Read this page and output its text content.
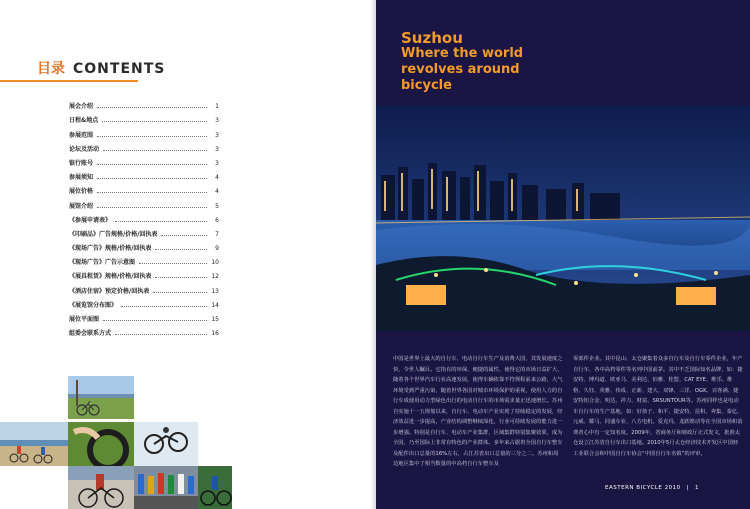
目录 CONTENTS
展会介绍	1
日程&地点	3
参展范围	3
论坛及活动	3
银行账号	3
参展须知	4
展位价格	4
展馆介绍	5
《参展申请表》	6
《印刷品》广告规格/价格/回执表	7
《现场广告》规格/价格/回执表	9
《现场广告》广告示意图	10
《展具租赁》规格/价格/回执表	12
《酒店住宿》预定价格/回执表	13
《展览馆分布图》	14
展位平面图	15
组委会联系方式	16
Suzhou
Where the world
revolves around
bicycle
中国是世界上最大的自行车、电动自行车生产及消费大国，其发展速度之快，令世人瞩目。它指有的环保、便捷的属性，使得它的市场日益扩大，随着各个世界汽车行业高速发展，使得车辆依靠不符规程前来公路，大气环境受到严重污染，随着世界各国对城市环境保护的重视，使用人力的自行车成使用动力型绿色出行的电动自行车的市场需求量正迅速增长。苏州自实施十一五规划以来，自行车、电动车产业实现了持续稳定的发展，经济效益进一步提高，产业结构调整继续深化，行业可持续发展的能力进一步增强。特别是自行车、电动车产业集群，区域集群特别集聚效果，成为全国，乃至国际上非常有特色的产业群体。多年来占据着全国自行车整车及配件出口总量的16%左右，占江苏省出口总量的三分之二。苏州和周边地区集中了相当数量的中高档自行车整车及
零部件企业。其中昆山、太仓聚集着众多自行车及自行车零件企业，年产自行车、各中高档零件等名列中国前茅。其中不乏国际知名品牌，如：捷安特、博玛道、欧亚马、美利达、佰雅、桂盟、CAT EYE、维乐、维格、久钰、英雅、伟成、正新、建大、双锋、三洋、OGK、百客满、捷安特铝合金、明达、祥力、财富、SRSUNTOUR等。苏州同样也是电动车自行车的生产基地，如：好孩子、和平、捷安特、昆积、奔集、泰亿、元威、耀马、同盛车业、八方电机、爱克玛、龙跃锂动等在全国市场和消费者心中有一定知名度。2009年，省商务厅和财政厅正式发文，批准太仓设立江苏省自行车出口基地。2010年5月太仓经济技术开发区中国轻工业联合会和中国自行车协会“中国自行车名镇”的评审。
EASTERN BICYCLE 2010 | 1
